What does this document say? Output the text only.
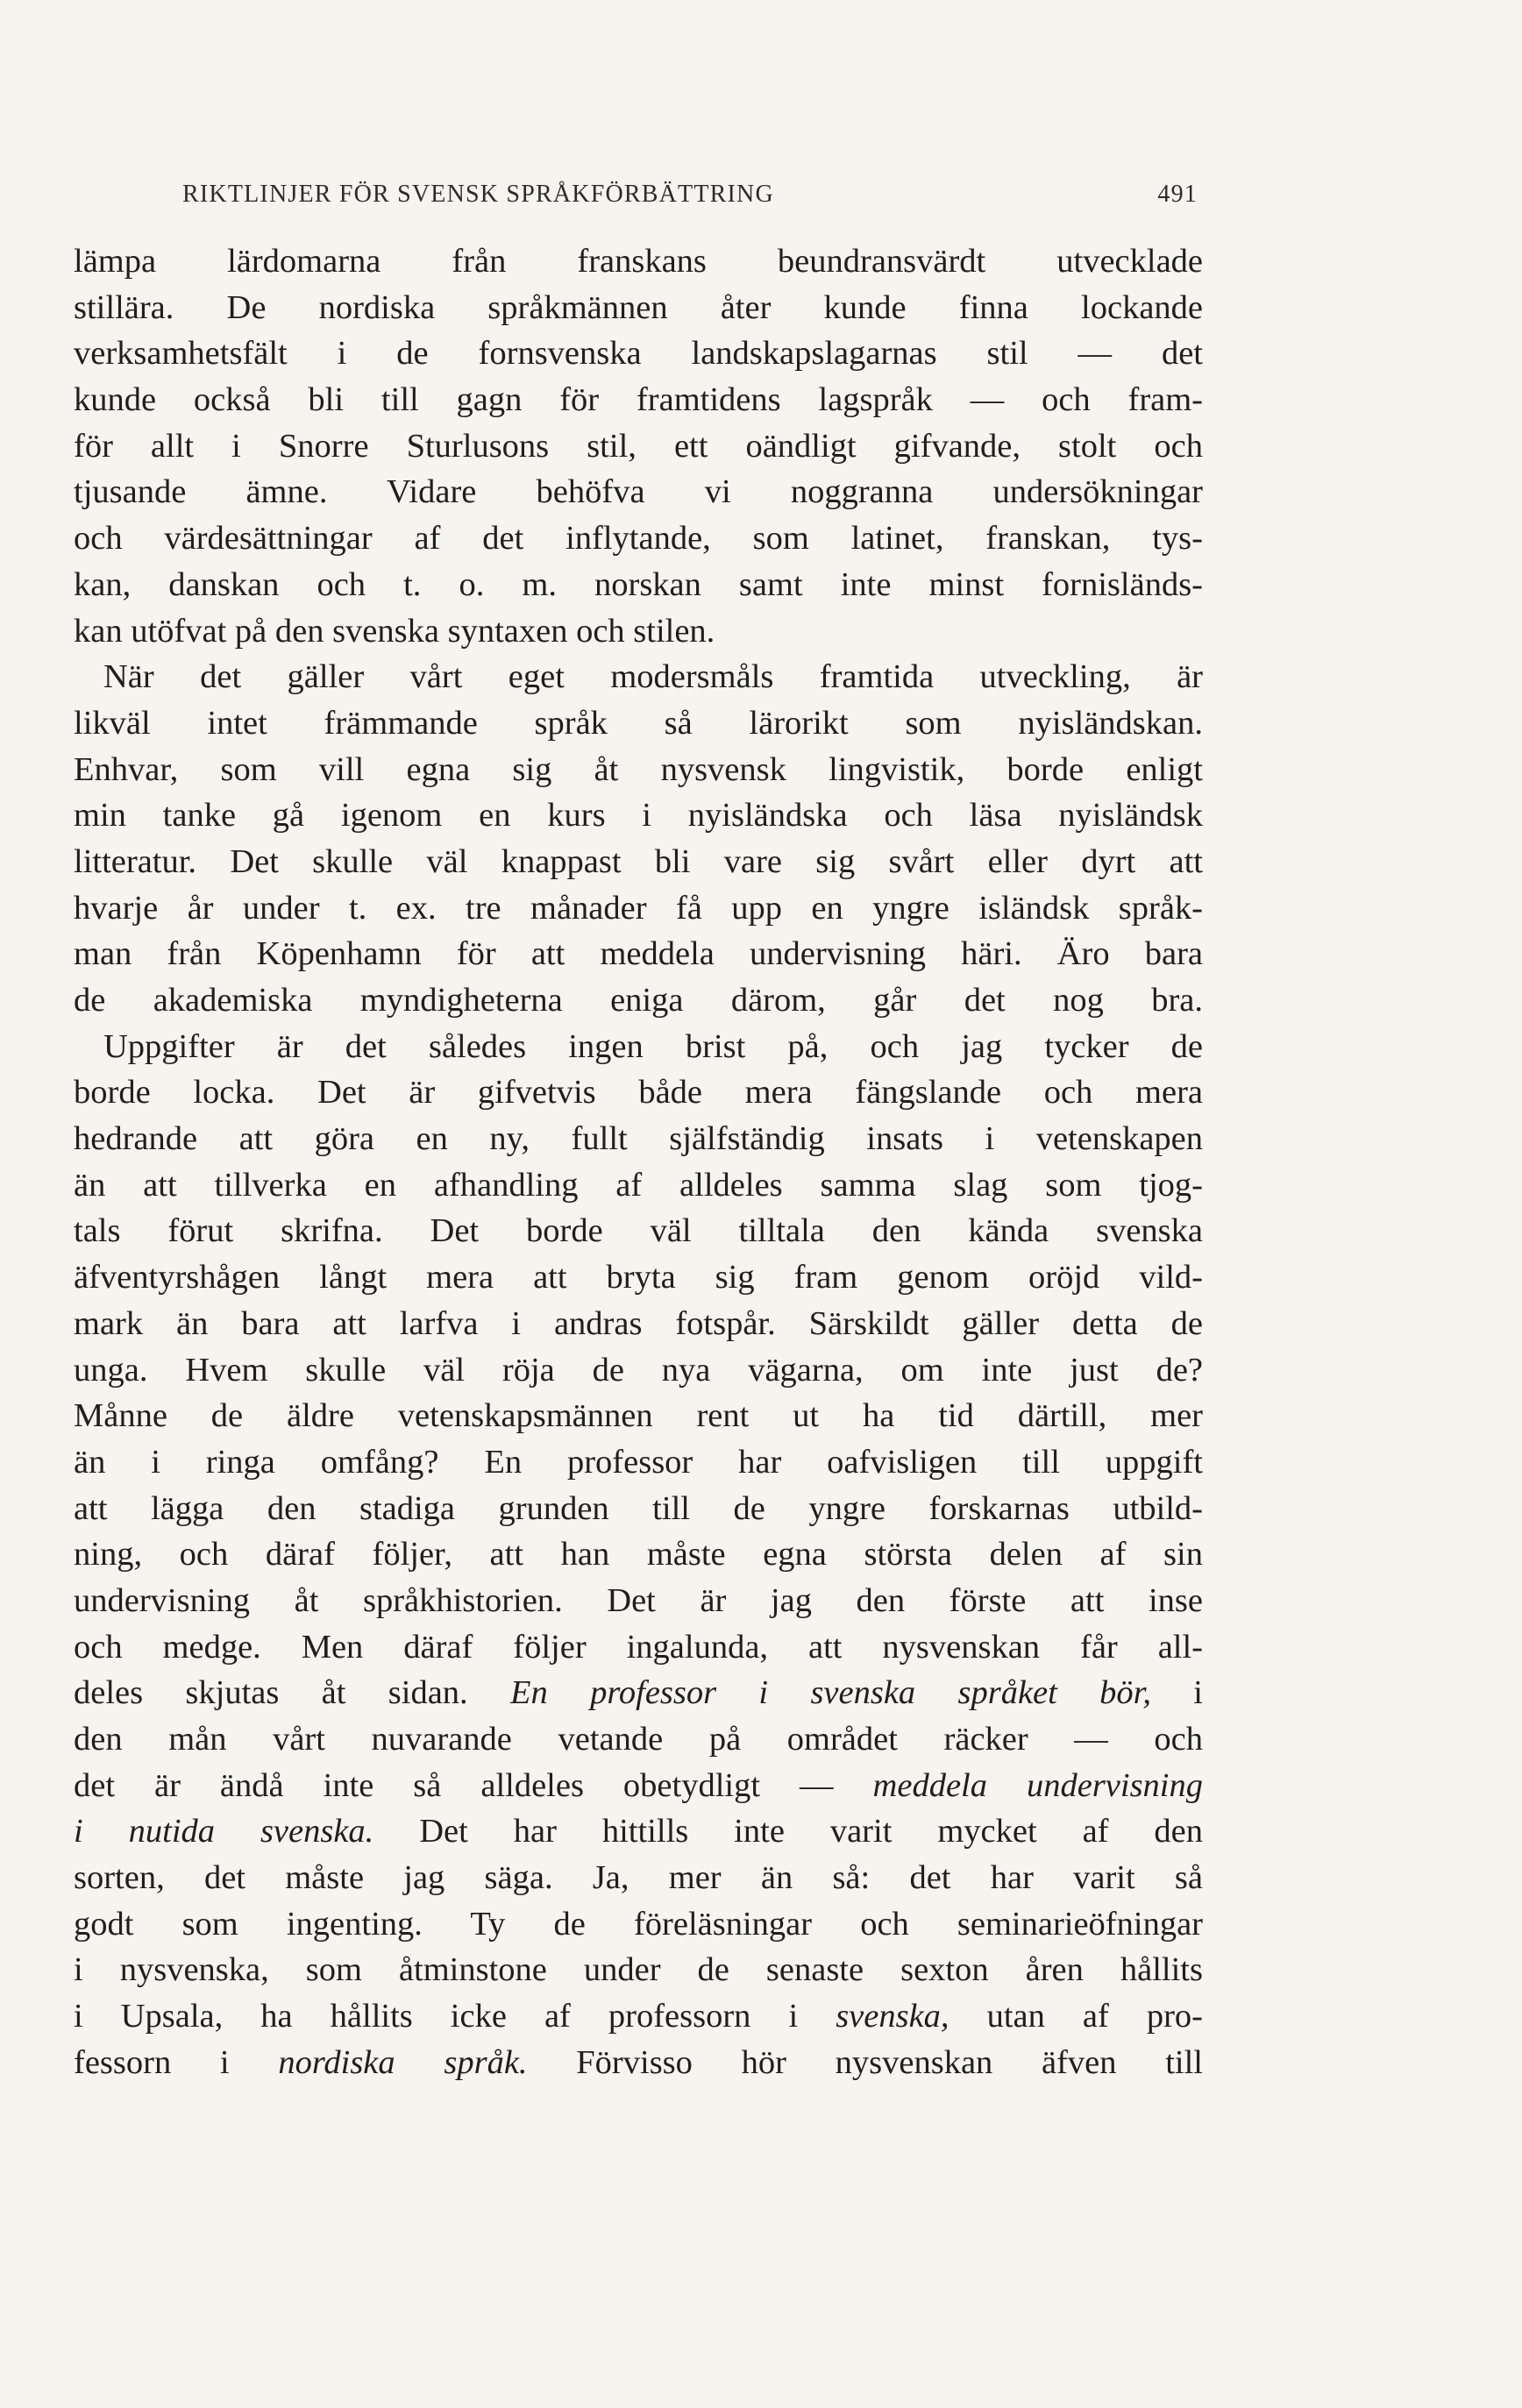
RIKTLINJER FÖR SVENSK SPRÅKFÖRBÄTTRING	491
lämpa lärdomarna från franskans beundransvärdt utvecklade
stillära. De nordiska språkmännen åter kunde finna lockande
verksamhetsfält i de fornsvenska landskapslagarnas stil — det
kunde också bli till gagn för framtidens lagspråk — och fram-
för allt i Snorre Sturlusons stil, ett oändligt gifvande, stolt och
tjusande ämne. Vidare behöfva vi noggranna undersökningar
och värdesättningar af det inflytande, som latinet, franskan, tys-
kan, danskan och t. o. m. norskan samt inte minst fornisländs-
kan utöfvat på den svenska syntaxen och stilen.
När det gäller vårt eget modersmåls framtida utveckling, är
likväl intet främmande språk så lärorikt som nyisländskan.
Enhvar, som vill egna sig åt nysvensk lingvistik, borde enligt
min tanke gå igenom en kurs i nyisländska och läsa nyisländsk
litteratur. Det skulle väl knappast bli vare sig svårt eller dyrt att
hvarje år under t. ex. tre månader få upp en yngre isländsk språk-
man från Köpenhamn för att meddela undervisning häri. Äro bara
de akademiska myndigheterna eniga därom, går det nog bra.
Uppgifter är det således ingen brist på, och jag tycker de
borde locka. Det är gifvetvis både mera fängslande och mera
hedrande att göra en ny, fullt själfständig insats i vetenskapen
än att tillverka en afhandling af alldeles samma slag som tjog-
tals förut skrifna. Det borde väl tilltala den kända svenska
äfventyrshågen långt mera att bryta sig fram genom oröjd vild-
mark än bara att larfva i andras fotspår. Särskildt gäller detta de
unga. Hvem skulle väl röja de nya vägarna, om inte just de?
Månne de äldre vetenskapsmännen rent ut ha tid därtill, mer
än i ringa omfång? En professor har oafvisligen till uppgift
att lägga den stadiga grunden till de yngre forskarnas utbild-
ning, och däraf följer, att han måste egna största delen af sin
undervisning åt språkhistorien. Det är jag den förste att inse
och medge. Men däraf följer ingalunda, att nysvenskan får all-
deles skjutas åt sidan. En professor i svenska språket bör, i
den mån vårt nuvarande vetande på området räcker — och
det är ändå inte så alldeles obetydligt — meddela undervisning
i nutida svenska. Det har hittills inte varit mycket af den
sorten, det måste jag säga. Ja, mer än så: det har varit så
godt som ingenting. Ty de föreläsningar och seminarieöfningar
i nysvenska, som åtminstone under de senaste sexton åren hållits
i Upsala, ha hållits icke af professorn i svenska, utan af pro-
fessorn i nordiska språk. Förvisso hör nysvenskan äfven till
